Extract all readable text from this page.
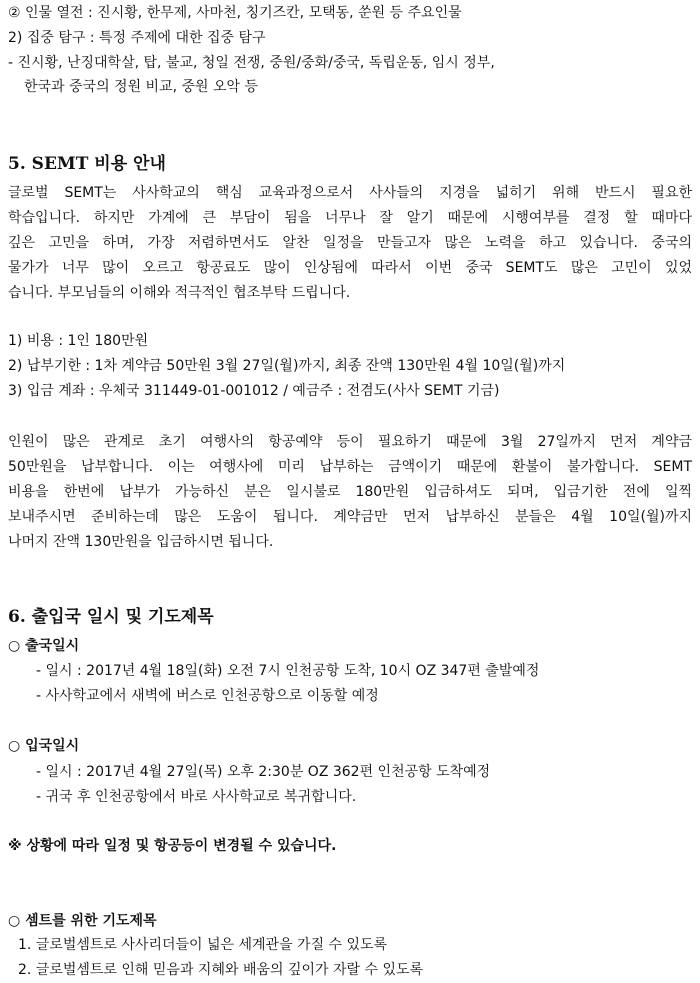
② 인물 열전 : 진시황, 한무제, 사마천, 칭기즈칸, 모택동, 쑨원 등 주요인물
2) 집중 탐구 : 특정 주제에 대한 집중 탐구
- 진시황, 난징대학살, 탑, 불교, 청일 전쟁, 중원/중화/중국, 독립운동, 임시 정부,
한국과 중국의 정원 비교, 중원 오악 등
5. SEMT 비용 안내
글로벌 SEMT는 사사학교의 핵심 교육과정으로서 사사들의 지경을 넓히기 위해 반드시 필요한
학습입니다. 하지만 가계에 큰 부담이 됨을 너무나 잘 알기 때문에 시행여부를 결정 할 때마다
깊은 고민을 하며, 가장 저렴하면서도 알찬 일정을 만들고자 많은 노력을 하고 있습니다. 중국의
물가가 너무 많이 오르고 항공료도 많이 인상됨에 따라서 이번 중국 SEMT도 많은 고민이 있었
습니다. 부모님들의 이해와 적극적인 협조부탁 드립니다.
1) 비용 : 1인 180만원
2) 납부기한 : 1차 계약금 50만원 3월 27일(월)까지, 최종 잔액 130만원 4월 10일(월)까지
3) 입금 계좌 : 우체국 311449-01-001012 / 예금주 : 전겸도(사사 SEMT 기금)
인원이 많은 관계로 초기 여행사의 항공예약 등이 필요하기 때문에 3월 27일까지 먼저 계약금
50만원을 납부합니다. 이는 여행사에 미리 납부하는 금액이기 때문에 환불이 불가합니다. SEMT
비용을 한번에 납부가 가능하신 분은 일시불로 180만원 입금하셔도 되며, 입금기한 전에 일찍
보내주시면 준비하는데 많은 도움이 됩니다. 계약금만 먼저 납부하신 분들은 4월 10일(월)까지
나머지 잔액 130만원을 입금하시면 됩니다.
6. 출입국 일시 및 기도제목
○ 출국일시
- 일시 : 2017년 4월 18일(화) 오전 7시 인천공항 도착, 10시 OZ 347편 출발예정
- 사사학교에서 새벽에 버스로 인천공항으로 이동할 예정
○ 입국일시
- 일시 : 2017년 4월 27일(목) 오후 2:30분 OZ 362편 인천공항 도착예정
- 귀국 후 인천공항에서 바로 사사학교로 복귀합니다.
※ 상황에 따라 일정 및 항공등이 변경될 수 있습니다.
○ 셈트를 위한 기도제목
1. 글로벌셈트로 사사리더들이 넓은 세계관을 가질 수 있도록
2. 글로벌셈트로 인해 믿음과 지혜와 배움의 깊이가 자랄 수 있도록
